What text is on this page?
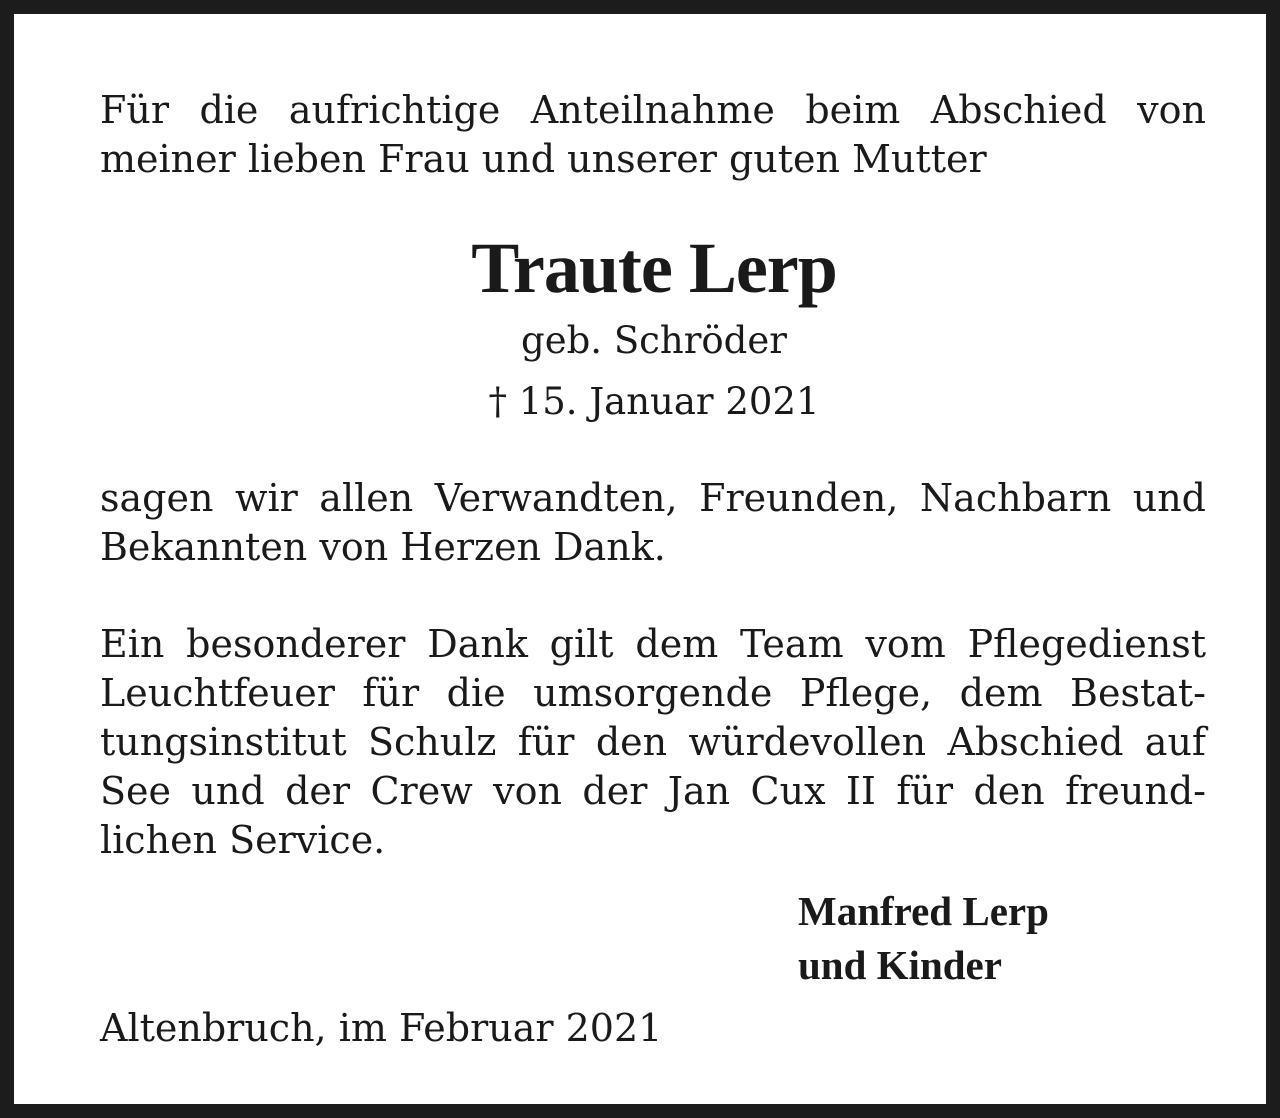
Für die aufrichtige Anteilnahme beim Abschied von
meiner lieben Frau und unserer guten Mutter
Traute Lerp
geb. Schröder
† 15. Januar 2021
sagen wir allen Verwandten, Freunden, Nachbarn und
Bekannten von Herzen Dank.
Ein besonderer Dank gilt dem Team vom Pflegedienst
Leuchtfeuer für die umsorgende Pflege, dem Bestat-
tungsinstitut Schulz für den würdevollen Abschied auf
See und der Crew von der Jan Cux II für den freund-
lichen Service.
Manfred Lerp
und Kinder
Altenbruch, im Februar 2021
